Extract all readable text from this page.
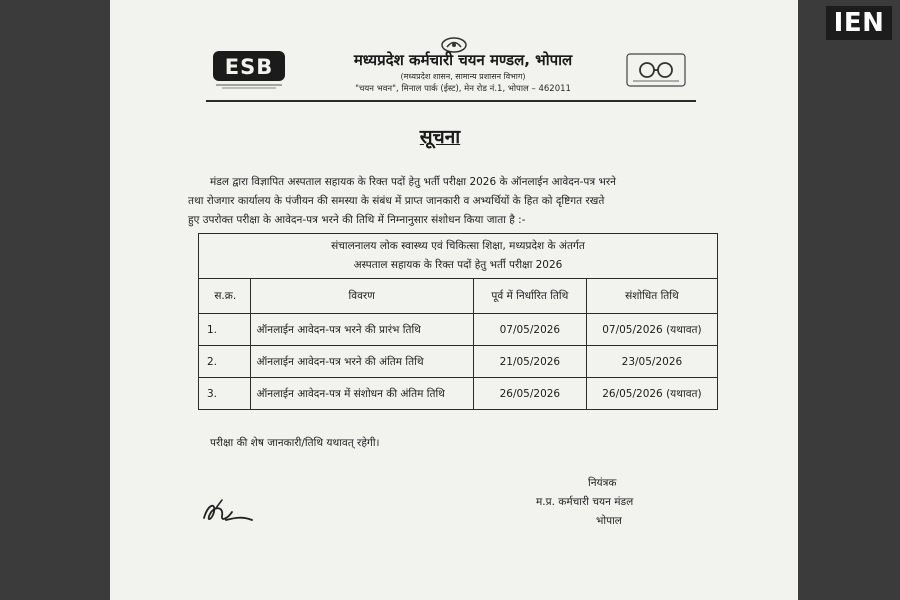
IEN
ESB	मध्यप्रदेश कर्मचारी चयन मण्डल, भोपाल
(मध्यप्रदेश शासन, सामान्य प्रशासन विभाग)
"चयन भवन", मिनाल पार्क (ईस्ट), मेन रोड नं.1, भोपाल – 462011
सूचना
मंडल द्वारा विज्ञापित अस्पताल सहायक के रिक्त पदों हेतु भर्ती परीक्षा 2026 के ऑनलाईन आवेदन-पत्र भरने
तथा रोजगार कार्यालय के पंजीयन की समस्या के संबंध में प्राप्त जानकारी व अभ्यर्थियों के हित को दृष्टिगत रखते
हुए उपरोक्त परीक्षा के आवेदन-पत्र भरने की तिथि में निम्नानुसार संशोधन किया जाता है :-
संचालनालय लोक स्वास्थ्य एवं चिकित्सा शिक्षा, मध्यप्रदेश के अंतर्गत
अस्पताल सहायक के रिक्त पदों हेतु भर्ती परीक्षा 2026			

स.क्र.	विवरण	पूर्व में निर्धारित तिथि	संशोधित तिथि
1.	ऑनलाईन आवेदन-पत्र भरने की प्रारंभ तिथि	07/05/2026	07/05/2026 (यथावत)
2.	ऑनलाईन आवेदन-पत्र भरने की अंतिम तिथि	21/05/2026	23/05/2026
3.	ऑनलाईन आवेदन-पत्र में संशोधन की अंतिम तिथि	26/05/2026	26/05/2026 (यथावत)
परीक्षा की शेष जानकारी/तिथि यथावत् रहेगी।
नियंत्रक
म.प्र. कर्मचारी चयन मंडल
भोपाल
